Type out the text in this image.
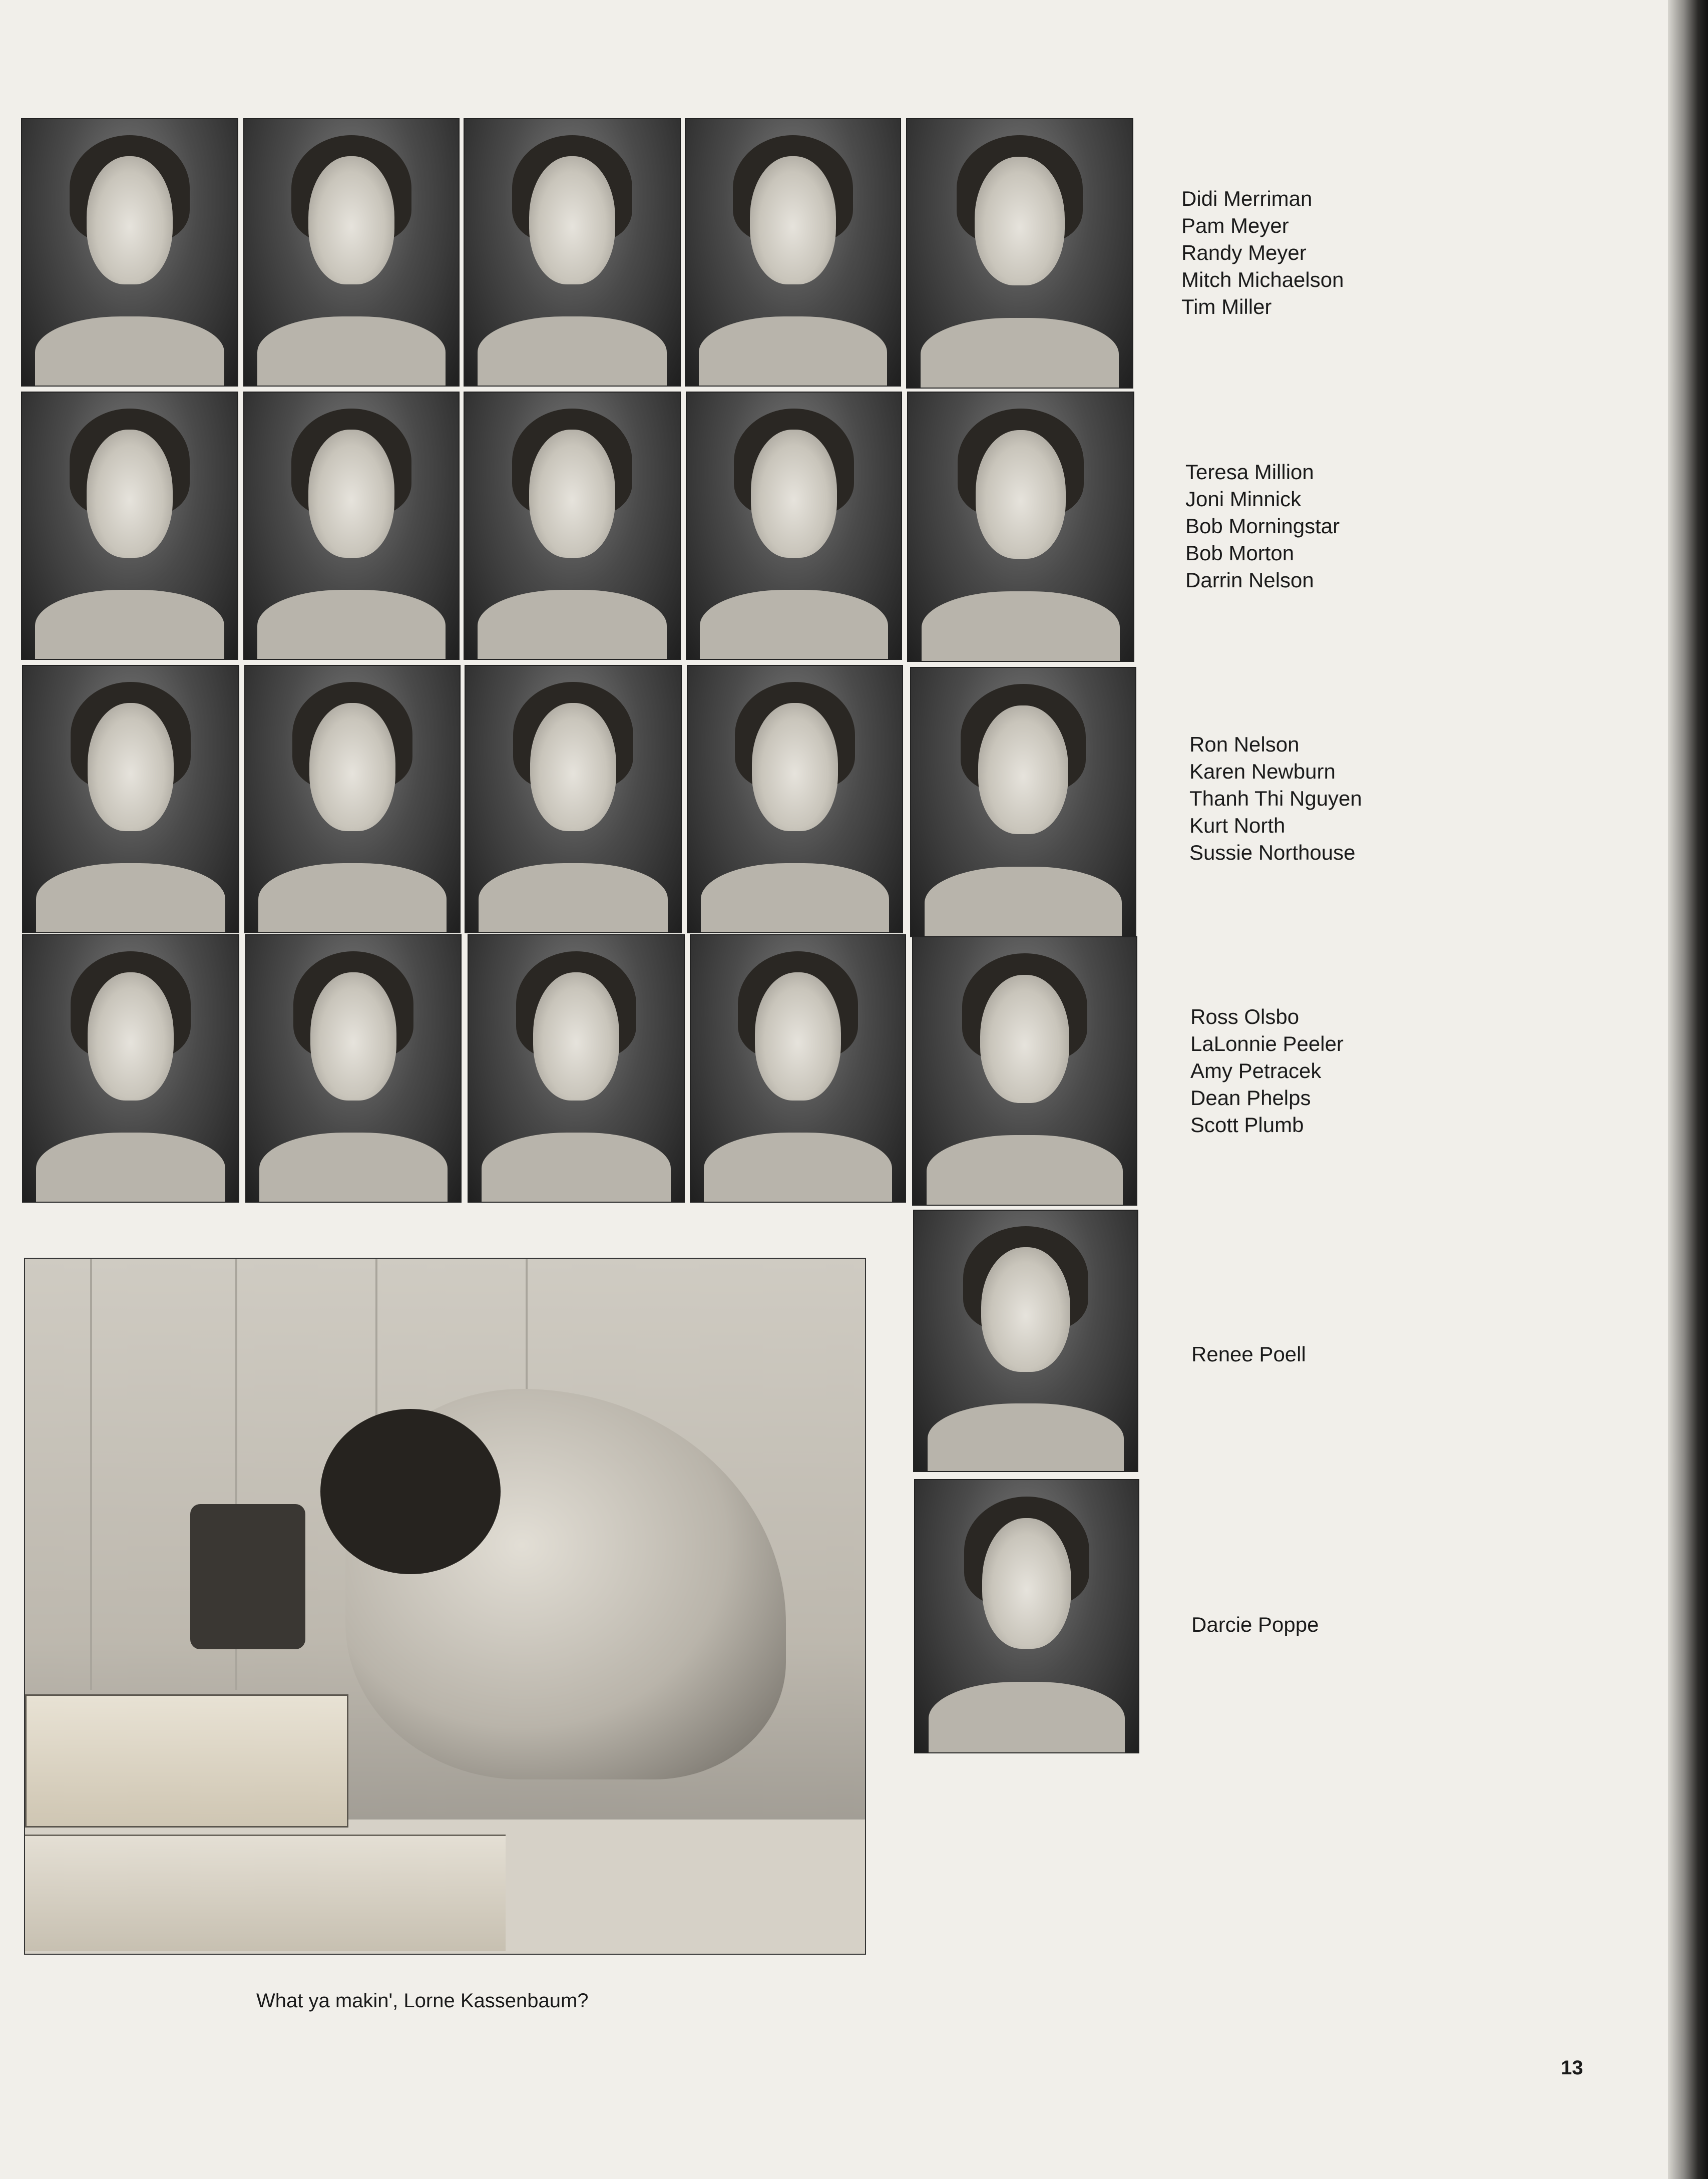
Didi Merriman
Pam Meyer
Randy Meyer
Mitch Michaelson
Tim Miller
Teresa Million
Joni Minnick
Bob Morningstar
Bob Morton
Darrin Nelson
Ron Nelson
Karen Newburn
Thanh Thi Nguyen
Kurt North
Sussie Northouse
Ross Olsbo
LaLonnie Peeler
Amy Petracek
Dean Phelps
Scott Plumb
Renee Poell
Darcie Poppe
What ya makin', Lorne Kassenbaum?
13
